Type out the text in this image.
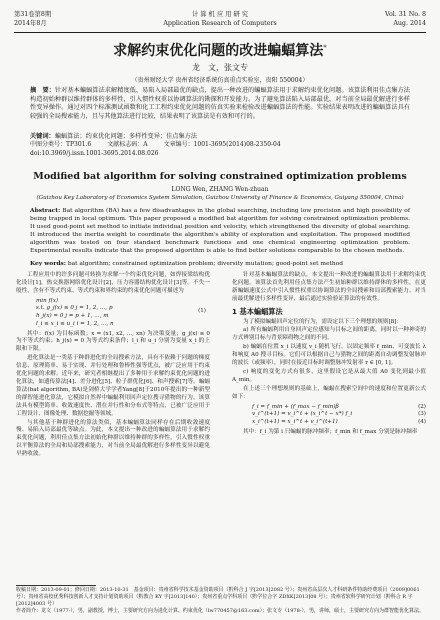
第31卷第8期
2014年8月
计 算 机 应 用 研 究
Application Research of Computers
Vol. 31 No. 8
Aug. 2014
求解约束优化问题的改进蝙蝠算法*
龙　文，张文专
（贵州财经大学 贵州省经济系统仿真重点实验室，贵阳 550004）
摘　要：针对基本蝙蝠算法求解精度低、易陷入局部最优的缺点，提出一种改进的蝙蝠算法用于求解约束优化问题。该算法利用佳点集方法构造初始种群以维持群体的多样性，引入惯性权重以协调算法的勘探和开发能力。为了避免算法陷入局部最优，对当前全局最优解进行多样性变异操作。通过对四个标准测试函数和化工工程约束优化问题的仿真实验来检验改进蝙蝠算法的性能。实验结果表明改进的蝙蝠算法具有较强的全局搜索能力，且与其他算法进行比较，结果表明了该算法是有效和可行的。
关键词：蝙蝠算法；约束优化问题；多样性变异；佳点集方法
中图分类号：TP301.6	文献标志码：A	文章编号：1001-3695(2014)08-2350-04
doi:10.3969/j.issn.1001-3695.2014.08.026
Modified bat algorithm for solving constrained optimization problems
LONG Wen, ZHANG Wen-zhuan
(Guizhou Key Laboratory of Economics System Simulation, Guizhou University of Finance & Economics, Guiyang 550004, China)
Abstract: Bat algorithm (BA) has a few disadvantages in the global searching, including low precision and high possibility of being trapped in local optimum. This paper proposed a modified bat algorithm for solving constrained optimization problems. It used good-point set method to initiate individual position and velocity, which strengthened the diversity of global searching. It introduced the inertia weight to coordinate the algorithm's ability of exploration and exploitation. The proposed modified algorithm was tested on four standard benchmark functions and one chemical engineering optimization problem. Experimental results indicate that the proposed algorithm is able to find better solutions comparable to the chosen methods.
Key words: bat algorithm; constrained optimization problem; diversity mutation; good-point set method

工程应用中的许多问题可转换为求解一个约束优化问题，如焊接梁结构优化设计[1]，热交换器网络优化设计[2]，压力容器结构优化设计[3]等。不失一般性，含有不等式约束、等式约束和界约束的约束优化问题可描述为

min f(x)
s.t. g_j(x) ≤ 0 j = 1, 2, …, p
h_j(x) = 0 j = p + 1, …, m
l_i ≤ x_i ≤ u_i i = 1, 2, …, n
(1)

其中：f(x) 为目标函数；x = (x1, x2, …, xn) 为决策变量；g_j(x) ≤ 0 为不等式约束；h_j(x) = 0 为等式约束条件；l_i 和 u_i 分别为变量 x_i 的上限和下限。

进化算法是一类基于种群进化的全局搜索方法，具有不依赖于问题的梯度信息、原理简单、易于实现、并行处理和鲁棒性强等优点，被广泛应用于约束优化问题的求解。近年来，研究者相继提出了多种用于求解约束优化问题的进化算法，如遗传算法[4]、差分进化[5]、粒子群优化[6]、和声搜索[7]等。蝙蝠算法(bat algorithm, BA)是剑桥大学学者Yang[8]于2010年提出的一种新型的群智能进化算法，它模拟自然界中蝙蝠利用回声定位搜寻猎物的行为。该算法具有模型简单、收敛速度快、潜在并行性和分布式等特点，已被广泛应用于工程设计、图像处理、数据挖掘等领域。

与其他基于种群进化的算法类似，基本蝙蝠算法同样存在后期收敛速度慢、易陷入局部最优等缺点。为此，本文提出一种改进的蝙蝠算法用于求解约束优化问题，利用佳点集方法初始化种群以维持种群的多样性，引入惯性权重以平衡算法的全局和局部搜索能力，对当前全局最优解进行多样性变异以避免早熟收敛。

针对基本蝙蝠算法的缺点，本文提出一种改进的蝙蝠算法用于求解约束优化问题。该算法首先利用佳点集方法产生初始种群以维持群体的多样性，在更新蝙蝠速度公式中引入惯性权重以协调算法的全局搜索和局部搜索能力。对当前最优解进行多样性变异，最后通过实验验证算法的有效性。

1 基本蝙蝠算法

为了模拟蝙蝠回声定位的行为，需设定以下三个理想的规则[8]：

a) 所有蝙蝠利用自身回声定位感知与目标之间的距离，同时以一种神奇的方式辨别目标与背景障碍物之间的不同。

b) 蝙蝠在位置 x_i 以速度 v_i 随机飞行，以固定频率 f_min、可变波长 λ 和响度 A0 搜寻目标。它们可以根据自己与猎物之间的距离自动调整发射脉冲的波长（或频率），同时在接近目标时调整脉冲发射率 r ∈ [0, 1]。

c) 响度的变化方式有很多，这里假设它是从最大值 A0 变化到最小值 A_min。

在上述三个理想规则的基础上，蝙蝠在搜索空间中的速度和位置更新公式如下：

f_i = f_min + (f_max − f_min)β	(2)
v_i^(t+1) = v_i^t + (x_i^t − x*) f_i	(3)
x_i^(t+1) = x_i^t + v_i^(t+1)	(4)

其中：f_i 为第 i 只蝙蝠的脉冲频率；f_min 和 f_max 分别是脉冲频率

收稿日期：2013-09-01；修回日期：2013-10-31　基金项目：贵州省科学技术基金资助项目（黔科合 J 字[2013]2082 号）；贵州省高层次人才科研条件特助经费项目（2009]0061 号）；贵州省高校优秀科技创新人才支持计划资助项目（黔教合 KY 字[2013]140）；贵州省重点学科项目（黔学位合字 ZDXK[2013]08 号）；贵州省软科学研究计划（黔科合 R 字[2012]4003 号）
作者简介：龙文（1977-），男，副教授，博士，主要研究方向为进化计算、约束优化（lw770457@163.com）；张文专（1978-），男，讲师，硕士，主要研究方向为群智能优化算法。
